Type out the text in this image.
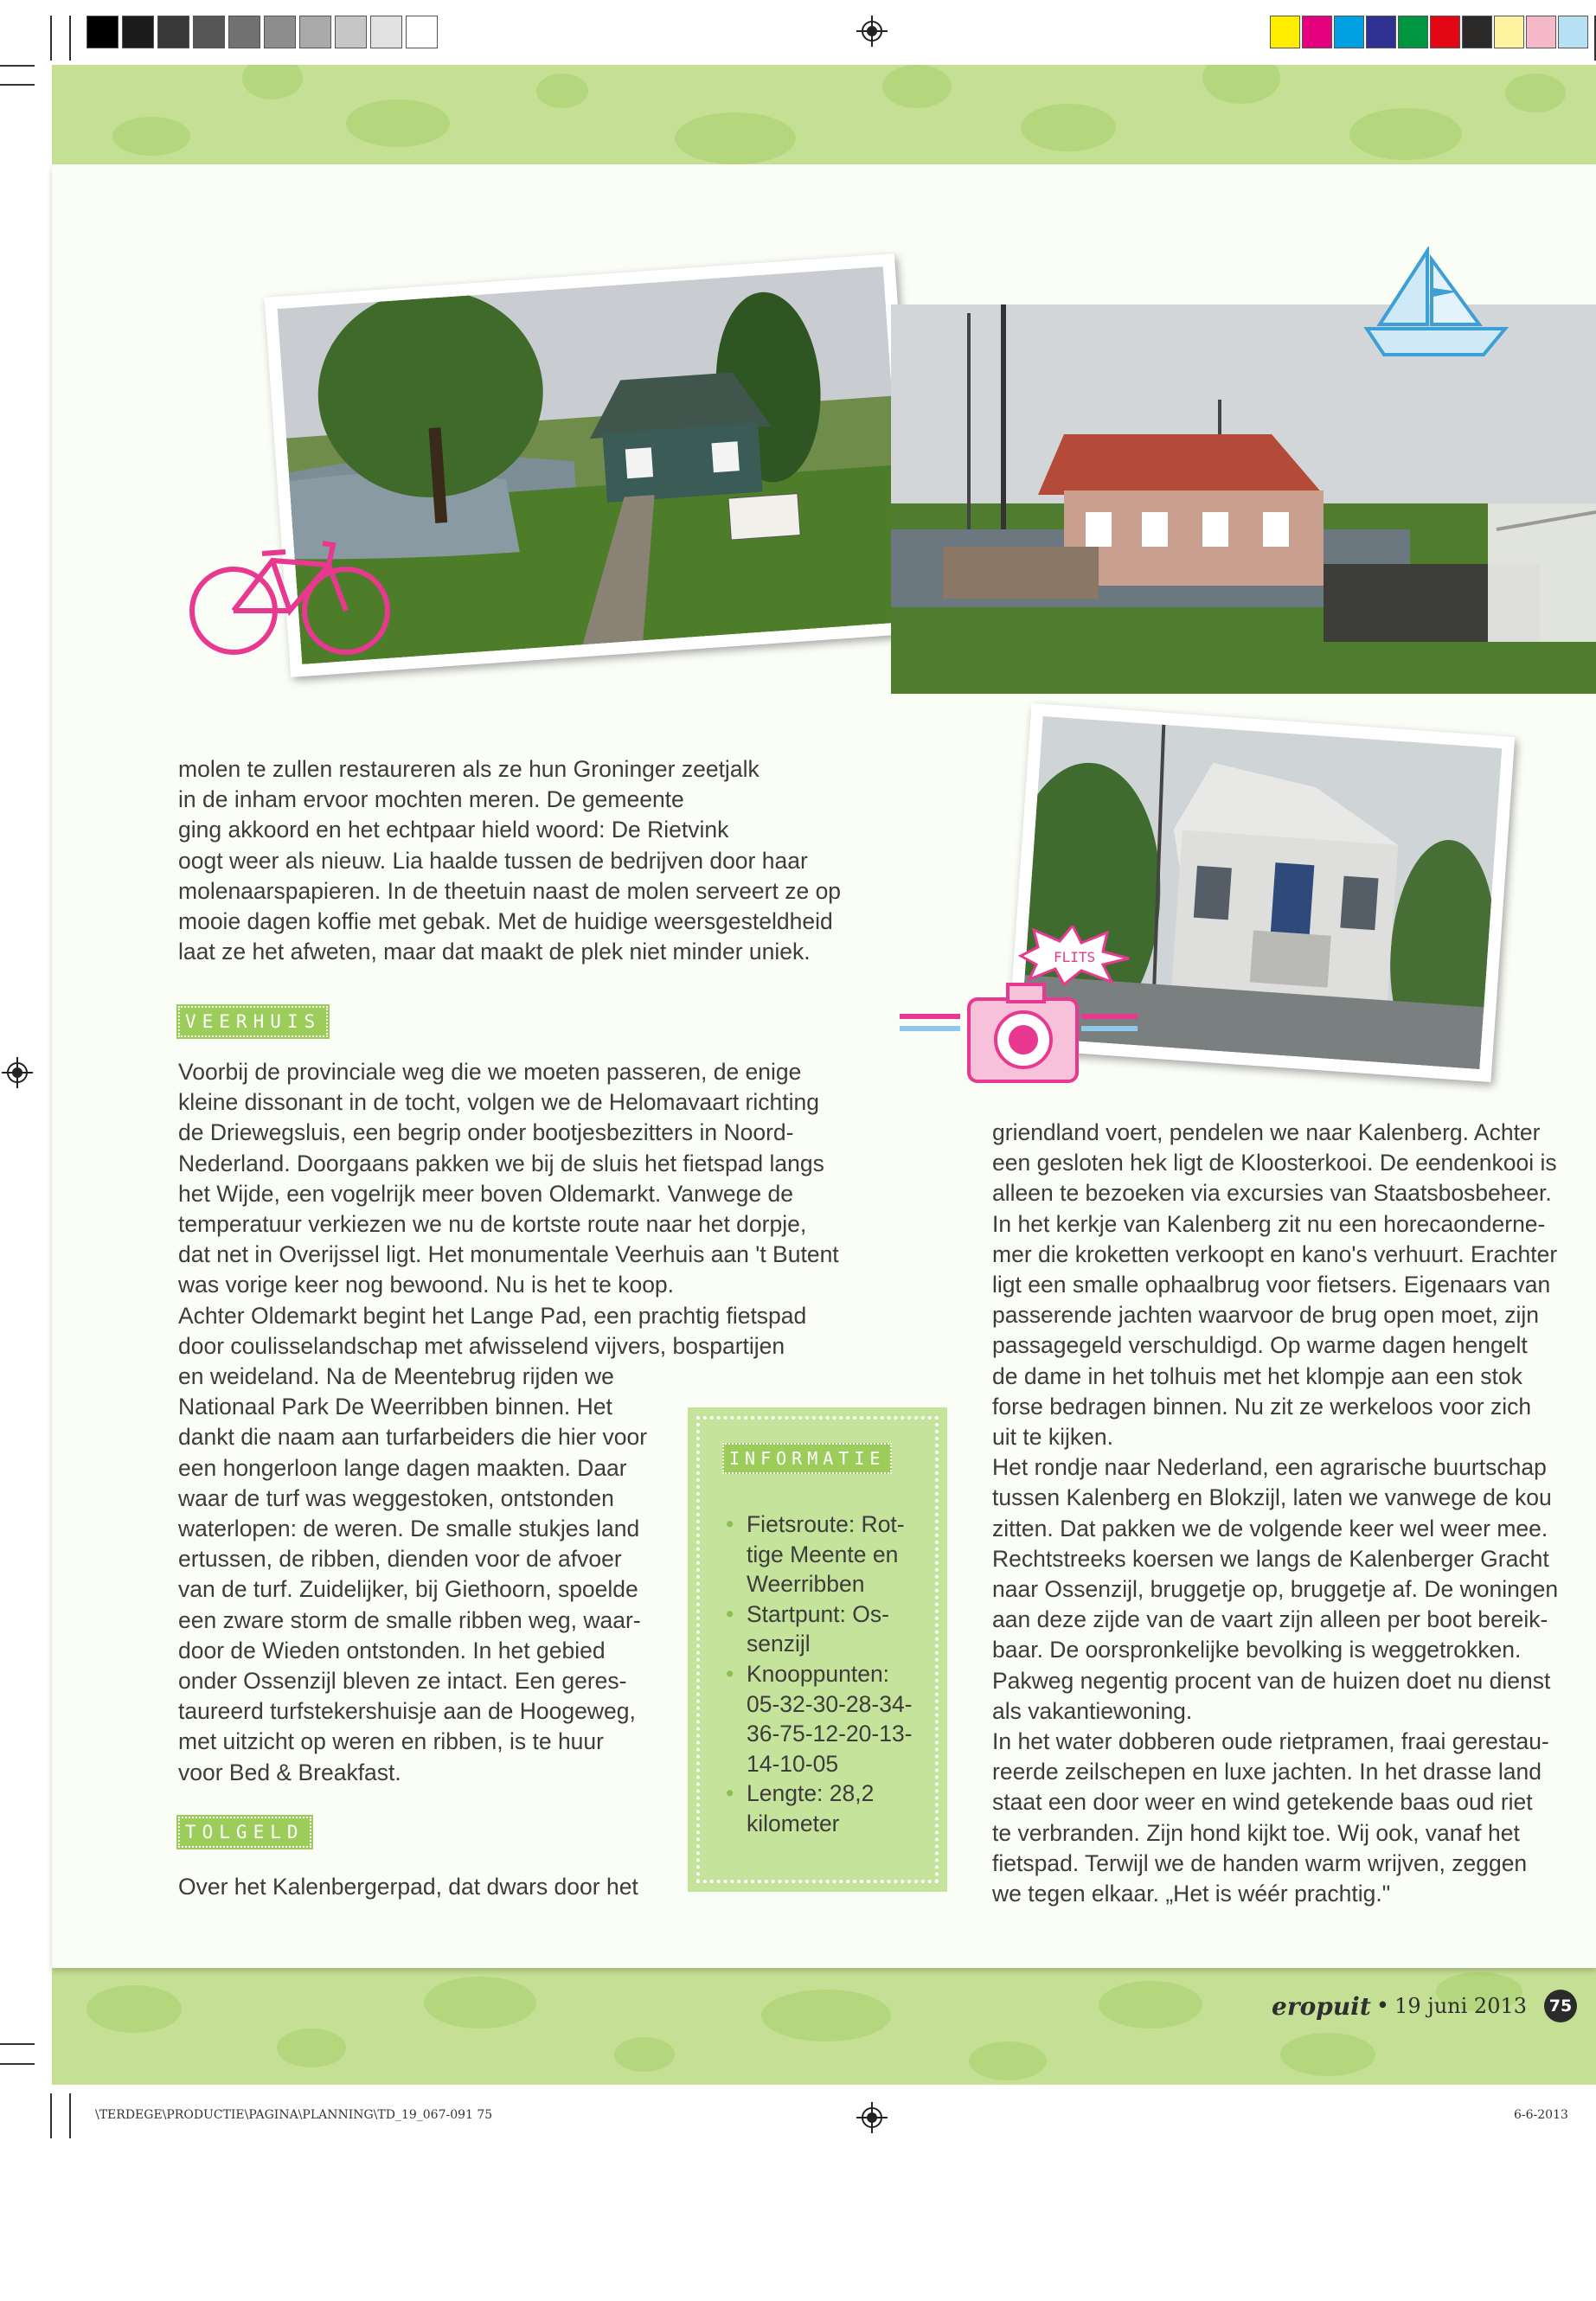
FLITS

molen te zullen restaureren als ze hun Groninger zeetjalk

in de inham ervoor mochten meren. De gemeente

ging akkoord en het echtpaar hield woord: De Rietvink

oogt weer als nieuw. Lia haalde tussen de bedrijven door haar

molenaarspapieren. In de theetuin naast de molen serveert ze op

mooie dagen koffie met gebak. Met de huidige weersgesteldheid

laat ze het afweten, maar dat maakt de plek niet minder uniek.

VEERHUIS

Voorbij de provinciale weg die we moeten passeren, de enige

kleine dissonant in de tocht, volgen we de Helomavaart richting

de Driewegsluis, een begrip onder bootjesbezitters in Noord-

Nederland. Doorgaans pakken we bij de sluis het fietspad langs

het Wijde, een vogelrijk meer boven Oldemarkt. Vanwege de

temperatuur verkiezen we nu de kortste route naar het dorpje,

dat net in Overijssel ligt. Het monumentale Veerhuis aan 't Butent

was vorige keer nog bewoond. Nu is het te koop.

Achter Oldemarkt begint het Lange Pad, een prachtig fietspad

door coulisselandschap met afwisselend vijvers, bospartijen

en weideland. Na de Meentebrug rijden we

Nationaal Park De Weerribben binnen. Het

dankt die naam aan turfarbeiders die hier voor

een hongerloon lange dagen maakten. Daar

waar de turf was weggestoken, ontstonden

waterlopen: de weren. De smalle stukjes land

ertussen, de ribben, dienden voor de afvoer

van de turf. Zuidelijker, bij Giethoorn, spoelde

een zware storm de smalle ribben weg, waar-

door de Wieden ontstonden. In het gebied

onder Ossenzijl bleven ze intact. Een geres-

taureerd turfstekershuisje aan de Hoogeweg,

met uitzicht op weren en ribben, is te huur

voor Bed & Breakfast.

TOLGELD

Over het Kalenbergerpad, dat dwars door het

INFORMATIE
• Fietsroute: Rot-
tige Meente en
Weerribben
• Startpunt: Os-
senzijl
• Knooppunten:
05-32-30-28-34-
36-75-12-20-13-
14-10-05
• Lengte: 28,2
kilometer

griendland voert, pendelen we naar Kalenberg. Achter

een gesloten hek ligt de Kloosterkooi. De eendenkooi is

alleen te bezoeken via excursies van Staatsbosbeheer.

In het kerkje van Kalenberg zit nu een horecaonderne-

mer die kroketten verkoopt en kano's verhuurt. Erachter

ligt een smalle ophaalbrug voor fietsers. Eigenaars van

passerende jachten waarvoor de brug open moet, zijn

passagegeld verschuldigd. Op warme dagen hengelt

de dame in het tolhuis met het klompje aan een stok

forse bedragen binnen. Nu zit ze werkeloos voor zich

uit te kijken.

Het rondje naar Nederland, een agrarische buurtschap

tussen Kalenberg en Blokzijl, laten we vanwege de kou

zitten. Dat pakken we de volgende keer wel weer mee.

Rechtstreeks koersen we langs de Kalenberger Gracht

naar Ossenzijl, bruggetje op, bruggetje af. De woningen

aan deze zijde van de vaart zijn alleen per boot bereik-

baar. De oorspronkelijke bevolking is weggetrokken.

Pakweg negentig procent van de huizen doet nu dienst

als vakantiewoning.

In het water dobberen oude rietpramen, fraai gerestau-

reerde zeilschepen en luxe jachten. In het drasse land

staat een door weer en wind getekende baas oud riet

te verbranden. Zijn hond kijkt toe. Wij ook, vanaf het

fietspad. Terwijl we de handen warm wrijven, zeggen

we tegen elkaar. „Het is wéér prachtig."

eropuit • 19 juni 2013	75
\TERDEGE\PRODUCTIE\PAGINA\PLANNING\TD_19_067-091 75	6-6-2013
